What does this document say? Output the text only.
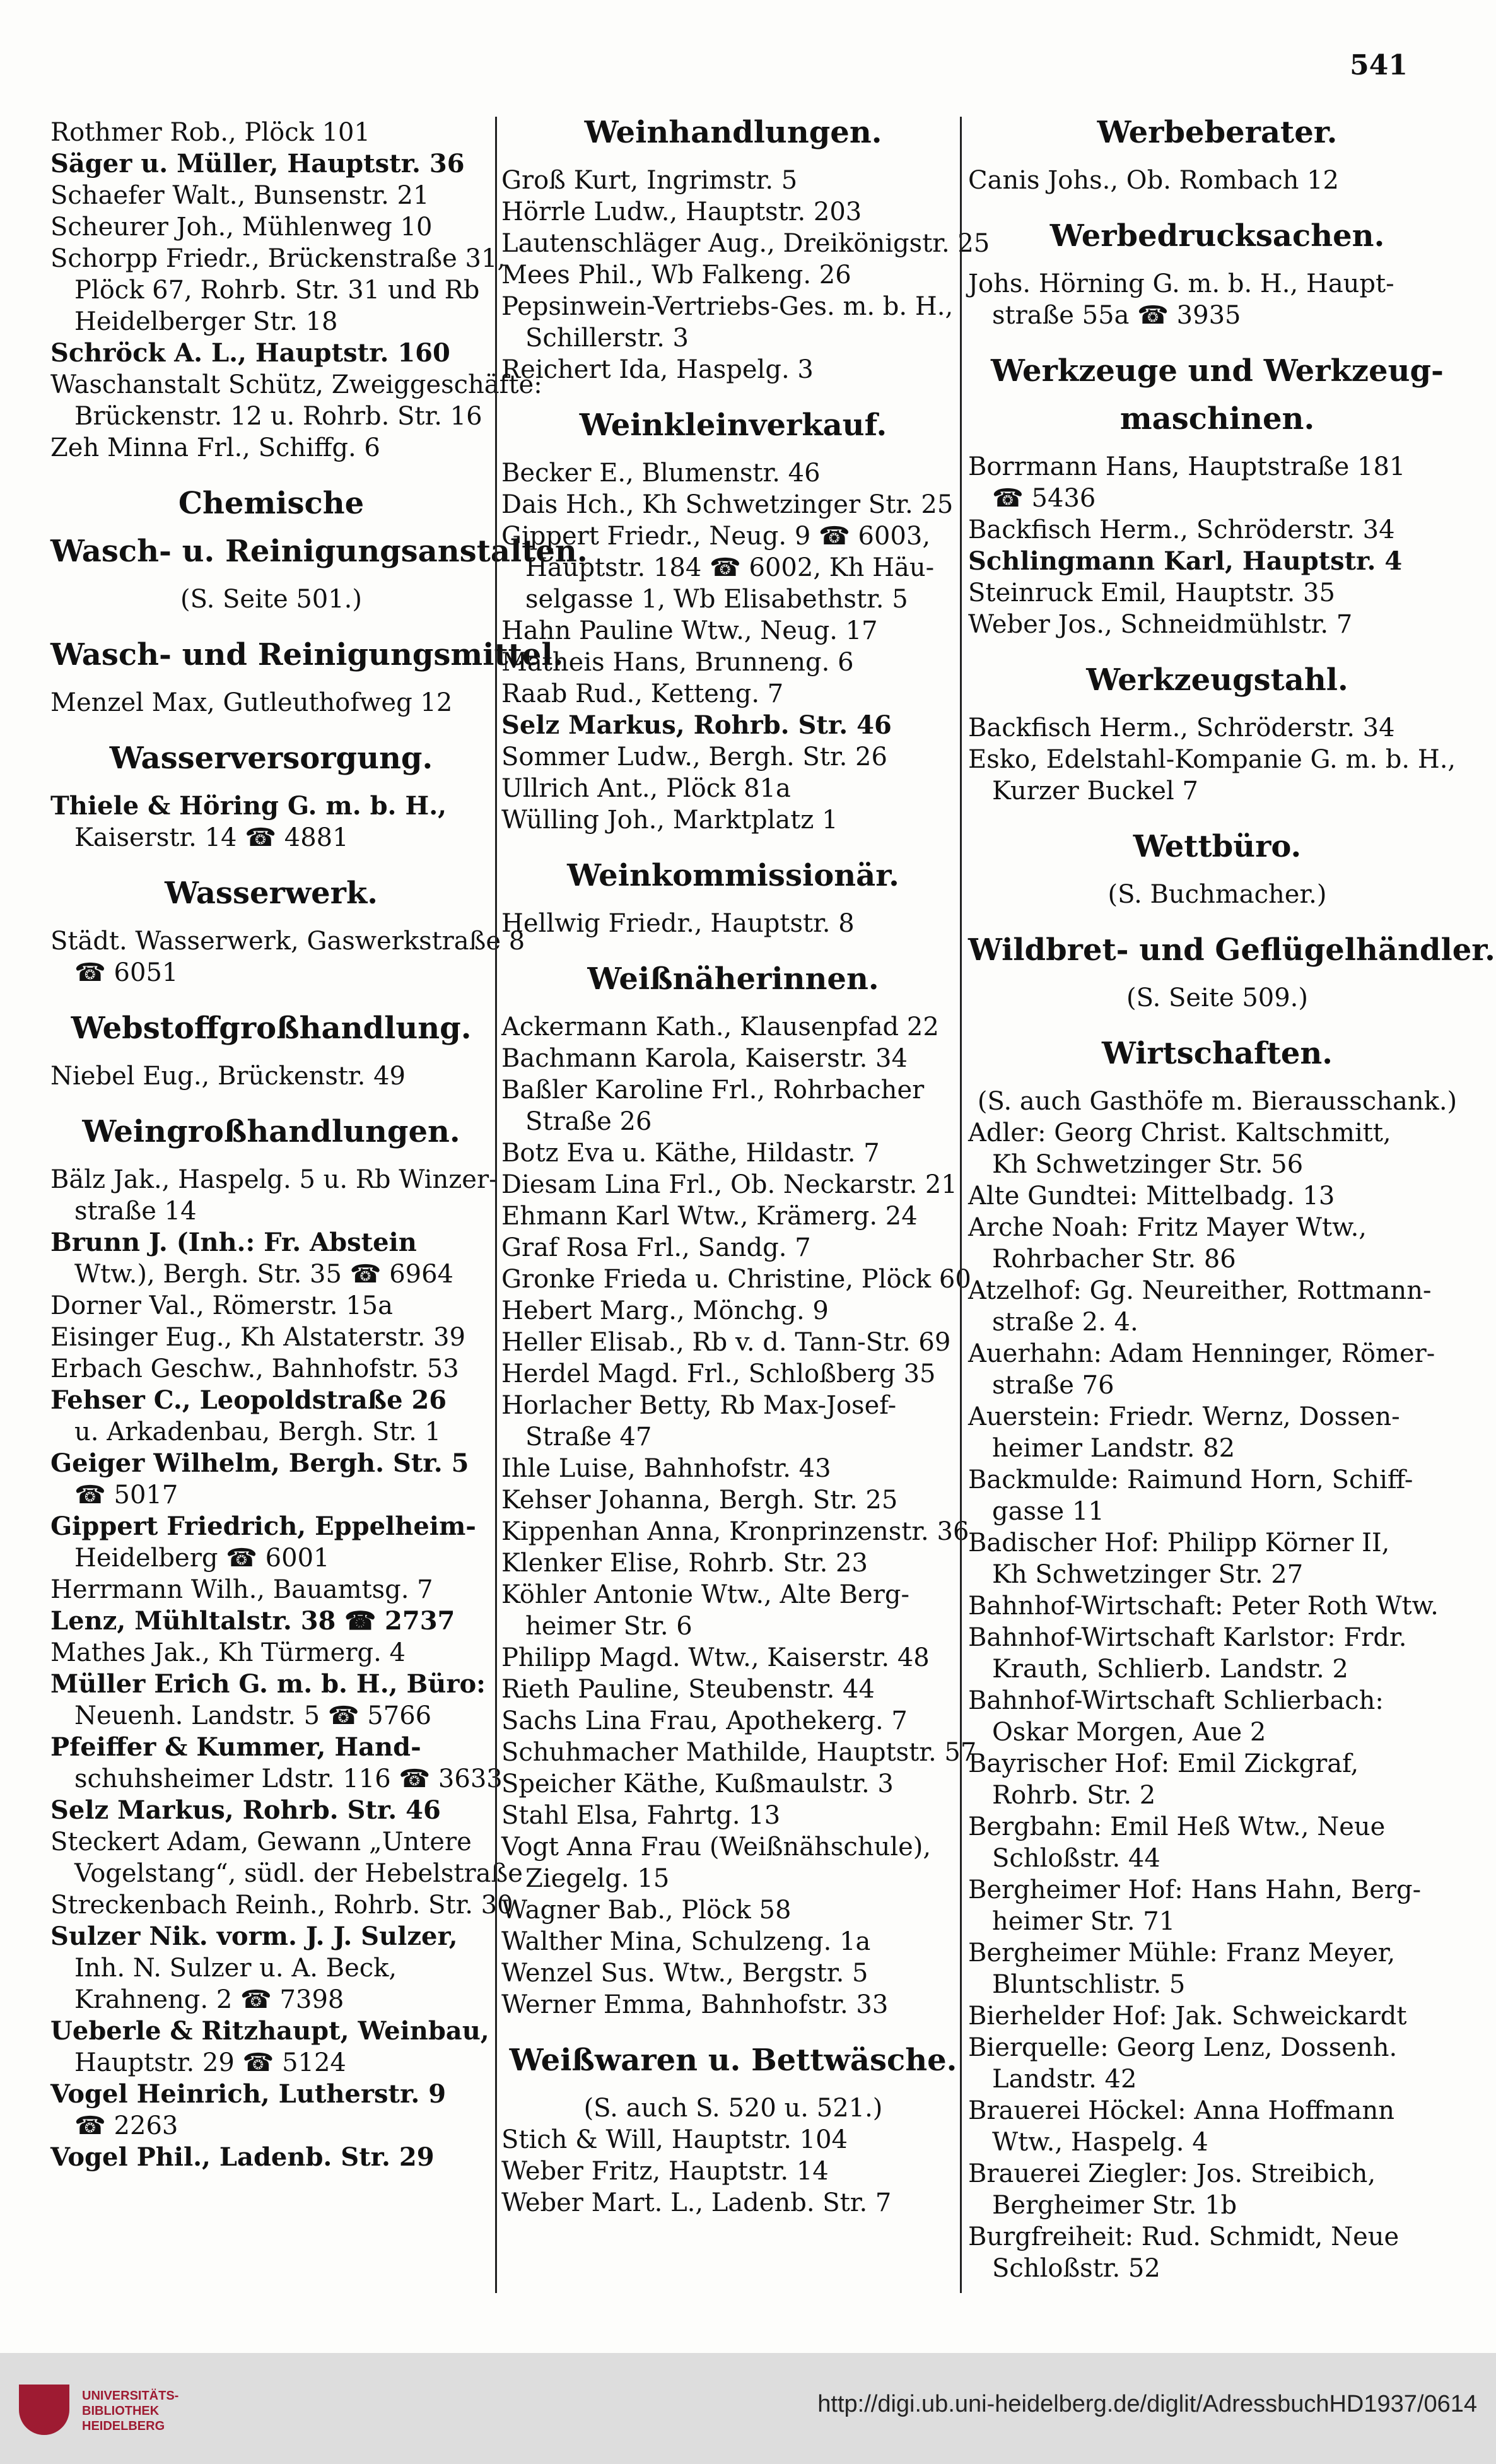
541
Rothmer Rob., Plöck 101
Säger u. Müller, Hauptstr. 36
Schaefer Walt., Bunsenstr. 21
Scheurer Joh., Mühlenweg 10
Schorpp Friedr., Brückenstraße 31,
Plöck 67, Rohrb. Str. 31 und Rb
Heidelberger Str. 18
Schröck A. L., Hauptstr. 160
Waschanstalt Schütz, Zweiggeschäfte:
Brückenstr. 12 u. Rohrb. Str. 16
Zeh Minna Frl., Schiffg. 6
Chemische
Wasch- u. Reinigungsanstalten.
(S. Seite 501.)
Wasch- und Reinigungsmittel.
Menzel Max, Gutleuthofweg 12
Wasserversorgung.
Thiele & Höring G. m. b. H.,
Kaiserstr. 14 ☎ 4881
Wasserwerk.
Städt. Wasserwerk, Gaswerkstraße 8
☎ 6051
Webstoffgroßhandlung.
Niebel Eug., Brückenstr. 49
Weingroßhandlungen.
Bälz Jak., Haspelg. 5 u. Rb Winzer-
straße 14
Brunn J. (Inh.: Fr. Abstein
Wtw.), Bergh. Str. 35 ☎ 6964
Dorner Val., Römerstr. 15a
Eisinger Eug., Kh Alstaterstr. 39
Erbach Geschw., Bahnhofstr. 53
Fehser C., Leopoldstraße 26
u. Arkadenbau, Bergh. Str. 1
Geiger Wilhelm, Bergh. Str. 5
☎ 5017
Gippert Friedrich, Eppelheim-
Heidelberg ☎ 6001
Herrmann Wilh., Bauamtsg. 7
Lenz, Mühltalstr. 38 ☎ 2737
Mathes Jak., Kh Türmerg. 4
Müller Erich G. m. b. H., Büro:
Neuenh. Landstr. 5 ☎ 5766
Pfeiffer & Kummer, Hand-
schuhsheimer Ldstr. 116 ☎ 3633
Selz Markus, Rohrb. Str. 46
Steckert Adam, Gewann „Untere
Vogelstang“, südl. der Hebelstraße
Streckenbach Reinh., Rohrb. Str. 30
Sulzer Nik. vorm. J. J. Sulzer,
Inh. N. Sulzer u. A. Beck,
Krahneng. 2 ☎ 7398
Ueberle & Ritzhaupt, Weinbau,
Hauptstr. 29 ☎ 5124
Vogel Heinrich, Lutherstr. 9
☎ 2263
Vogel Phil., Ladenb. Str. 29
Weinhandlungen.
Groß Kurt, Ingrimstr. 5
Hörrle Ludw., Hauptstr. 203
Lautenschläger Aug., Dreikönigstr. 25
Mees Phil., Wb Falkeng. 26
Pepsinwein-Vertriebs-Ges. m. b. H.,
Schillerstr. 3
Reichert Ida, Haspelg. 3
Weinkleinverkauf.
Becker E., Blumenstr. 46
Dais Hch., Kh Schwetzinger Str. 25
Gippert Friedr., Neug. 9 ☎ 6003,
Hauptstr. 184 ☎ 6002, Kh Häu-
selgasse 1, Wb Elisabethstr. 5
Hahn Pauline Wtw., Neug. 17
Matheis Hans, Brunneng. 6
Raab Rud., Ketteng. 7
Selz Markus, Rohrb. Str. 46
Sommer Ludw., Bergh. Str. 26
Ullrich Ant., Plöck 81a
Wülling Joh., Marktplatz 1
Weinkommissionär.
Hellwig Friedr., Hauptstr. 8
Weißnäherinnen.
Ackermann Kath., Klausenpfad 22
Bachmann Karola, Kaiserstr. 34
Baßler Karoline Frl., Rohrbacher
Straße 26
Botz Eva u. Käthe, Hildastr. 7
Diesam Lina Frl., Ob. Neckarstr. 21
Ehmann Karl Wtw., Krämerg. 24
Graf Rosa Frl., Sandg. 7
Gronke Frieda u. Christine, Plöck 60
Hebert Marg., Mönchg. 9
Heller Elisab., Rb v. d. Tann-Str. 69
Herdel Magd. Frl., Schloßberg 35
Horlacher Betty, Rb Max-Josef-
Straße 47
Ihle Luise, Bahnhofstr. 43
Kehser Johanna, Bergh. Str. 25
Kippenhan Anna, Kronprinzenstr. 36
Klenker Elise, Rohrb. Str. 23
Köhler Antonie Wtw., Alte Berg-
heimer Str. 6
Philipp Magd. Wtw., Kaiserstr. 48
Rieth Pauline, Steubenstr. 44
Sachs Lina Frau, Apothekerg. 7
Schuhmacher Mathilde, Hauptstr. 57
Speicher Käthe, Kußmaulstr. 3
Stahl Elsa, Fahrtg. 13
Vogt Anna Frau (Weißnähschule),
Ziegelg. 15
Wagner Bab., Plöck 58
Walther Mina, Schulzeng. 1a
Wenzel Sus. Wtw., Bergstr. 5
Werner Emma, Bahnhofstr. 33
Weißwaren u. Bettwäsche.
(S. auch S. 520 u. 521.)
Stich & Will, Hauptstr. 104
Weber Fritz, Hauptstr. 14
Weber Mart. L., Ladenb. Str. 7
Werbeberater.
Canis Johs., Ob. Rombach 12
Werbedrucksachen.
Johs. Hörning G. m. b. H., Haupt-
straße 55a ☎ 3935
Werkzeuge und Werkzeug-
maschinen.
Borrmann Hans, Hauptstraße 181
☎ 5436
Backfisch Herm., Schröderstr. 34
Schlingmann Karl, Hauptstr. 4
Steinruck Emil, Hauptstr. 35
Weber Jos., Schneidmühlstr. 7
Werkzeugstahl.
Backfisch Herm., Schröderstr. 34
Esko, Edelstahl-Kompanie G. m. b. H.,
Kurzer Buckel 7
Wettbüro.
(S. Buchmacher.)
Wildbret- und Geflügelhändler.
(S. Seite 509.)
Wirtschaften.
(S. auch Gasthöfe m. Bierausschank.)
Adler: Georg Christ. Kaltschmitt,
Kh Schwetzinger Str. 56
Alte Gundtei: Mittelbadg. 13
Arche Noah: Fritz Mayer Wtw.,
Rohrbacher Str. 86
Atzelhof: Gg. Neureither, Rottmann-
straße 2. 4.
Auerhahn: Adam Henninger, Römer-
straße 76
Auerstein: Friedr. Wernz, Dossen-
heimer Landstr. 82
Backmulde: Raimund Horn, Schiff-
gasse 11
Badischer Hof: Philipp Körner II,
Kh Schwetzinger Str. 27
Bahnhof-Wirtschaft: Peter Roth Wtw.
Bahnhof-Wirtschaft Karlstor: Frdr.
Krauth, Schlierb. Landstr. 2
Bahnhof-Wirtschaft Schlierbach:
Oskar Morgen, Aue 2
Bayrischer Hof: Emil Zickgraf,
Rohrb. Str. 2
Bergbahn: Emil Heß Wtw., Neue
Schloßstr. 44
Bergheimer Hof: Hans Hahn, Berg-
heimer Str. 71
Bergheimer Mühle: Franz Meyer,
Bluntschlistr. 5
Bierhelder Hof: Jak. Schweickardt
Bierquelle: Georg Lenz, Dossenh.
Landstr. 42
Brauerei Höckel: Anna Hoffmann
Wtw., Haspelg. 4
Brauerei Ziegler: Jos. Streibich,
Bergheimer Str. 1b
Burgfreiheit: Rud. Schmidt, Neue
Schloßstr. 52
UNIVERSITÄTS-
BIBLIOTHEK
HEIDELBERG
http://digi.ub.uni-heidelberg.de/diglit/AdressbuchHD1937/0614
